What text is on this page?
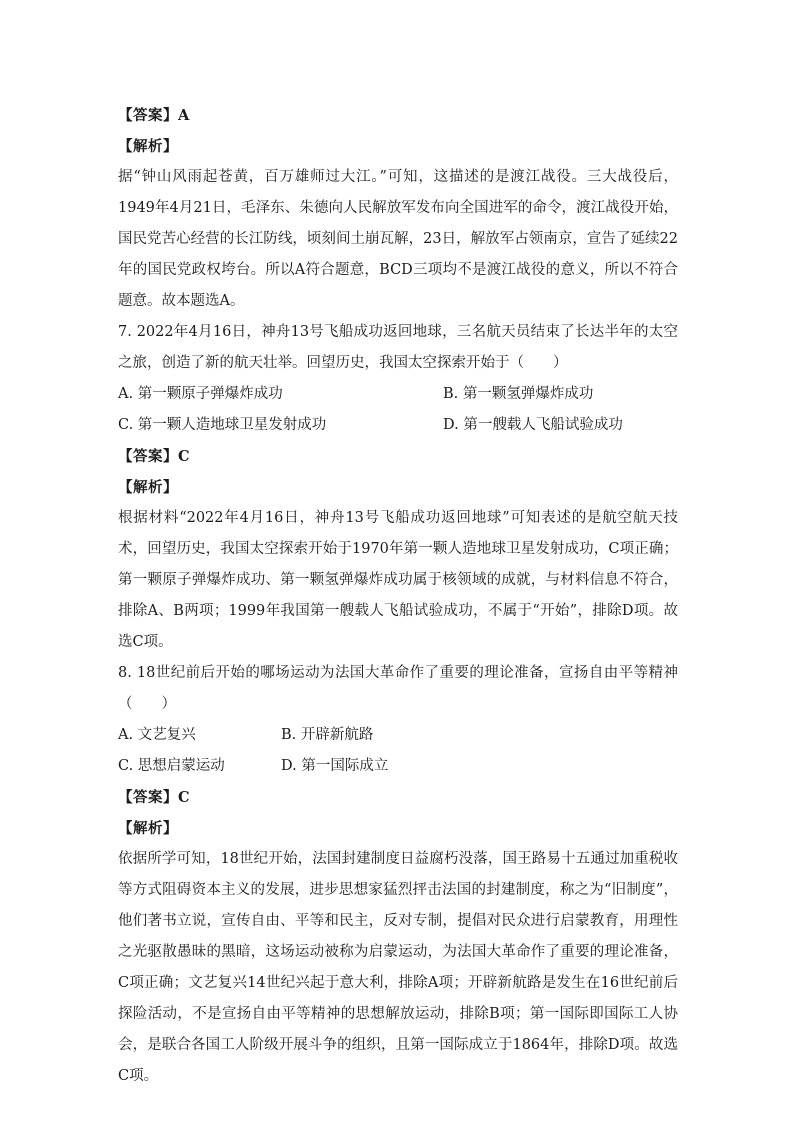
【答案】A
【解析】
据“钟山风雨起苍黄，百万雄师过大江。”可知，这描述的是渡江战役。三大战役后，1949年4月21日，毛泽东、朱德向人民解放军发布向全国进军的命令，渡江战役开始，国民党苦心经营的长江防线，顷刻间土崩瓦解，23日，解放军占领南京，宣告了延续22年的国民党政权垮台。所以A符合题意，BCD三项均不是渡江战役的意义，所以不符合题意。故本题选A。
7. 2022年4月16日，神舟13号飞船成功返回地球，三名航天员结束了长达半年的太空之旅，创造了新的航天壮举。回望历史，我国太空探索开始于（　　）
A. 第一颗原子弹爆炸成功	B. 第一颗氢弹爆炸成功
C. 第一颗人造地球卫星发射成功	D. 第一艘载人飞船试验成功
【答案】C
【解析】
根据材料“2022年4月16日，神舟13号飞船成功返回地球”可知表述的是航空航天技术，回望历史，我国太空探索开始于1970年第一颗人造地球卫星发射成功，C项正确；第一颗原子弹爆炸成功、第一颗氢弹爆炸成功属于核领域的成就，与材料信息不符合，排除A、B两项；1999年我国第一艘载人飞船试验成功，不属于“开始”，排除D项。故选C项。
8. 18世纪前后开始的哪场运动为法国大革命作了重要的理论准备，宣扬自由平等精神（　　）
A. 文艺复兴	B. 开辟新航路
C. 思想启蒙运动	D. 第一国际成立
【答案】C
【解析】
依据所学可知，18世纪开始，法国封建制度日益腐朽没落，国王路易十五通过加重税收等方式阻碍资本主义的发展，进步思想家猛烈抨击法国的封建制度，称之为“旧制度”，他们著书立说，宣传自由、平等和民主，反对专制，提倡对民众进行启蒙教育，用理性之光驱散愚昧的黑暗，这场运动被称为启蒙运动，为法国大革命作了重要的理论准备，C项正确；文艺复兴14世纪兴起于意大利，排除A项；开辟新航路是发生在16世纪前后探险活动，不是宣扬自由平等精神的思想解放运动，排除B项；第一国际即国际工人协会，是联合各国工人阶级开展斗争的组织，且第一国际成立于1864年，排除D项。故选C项。
